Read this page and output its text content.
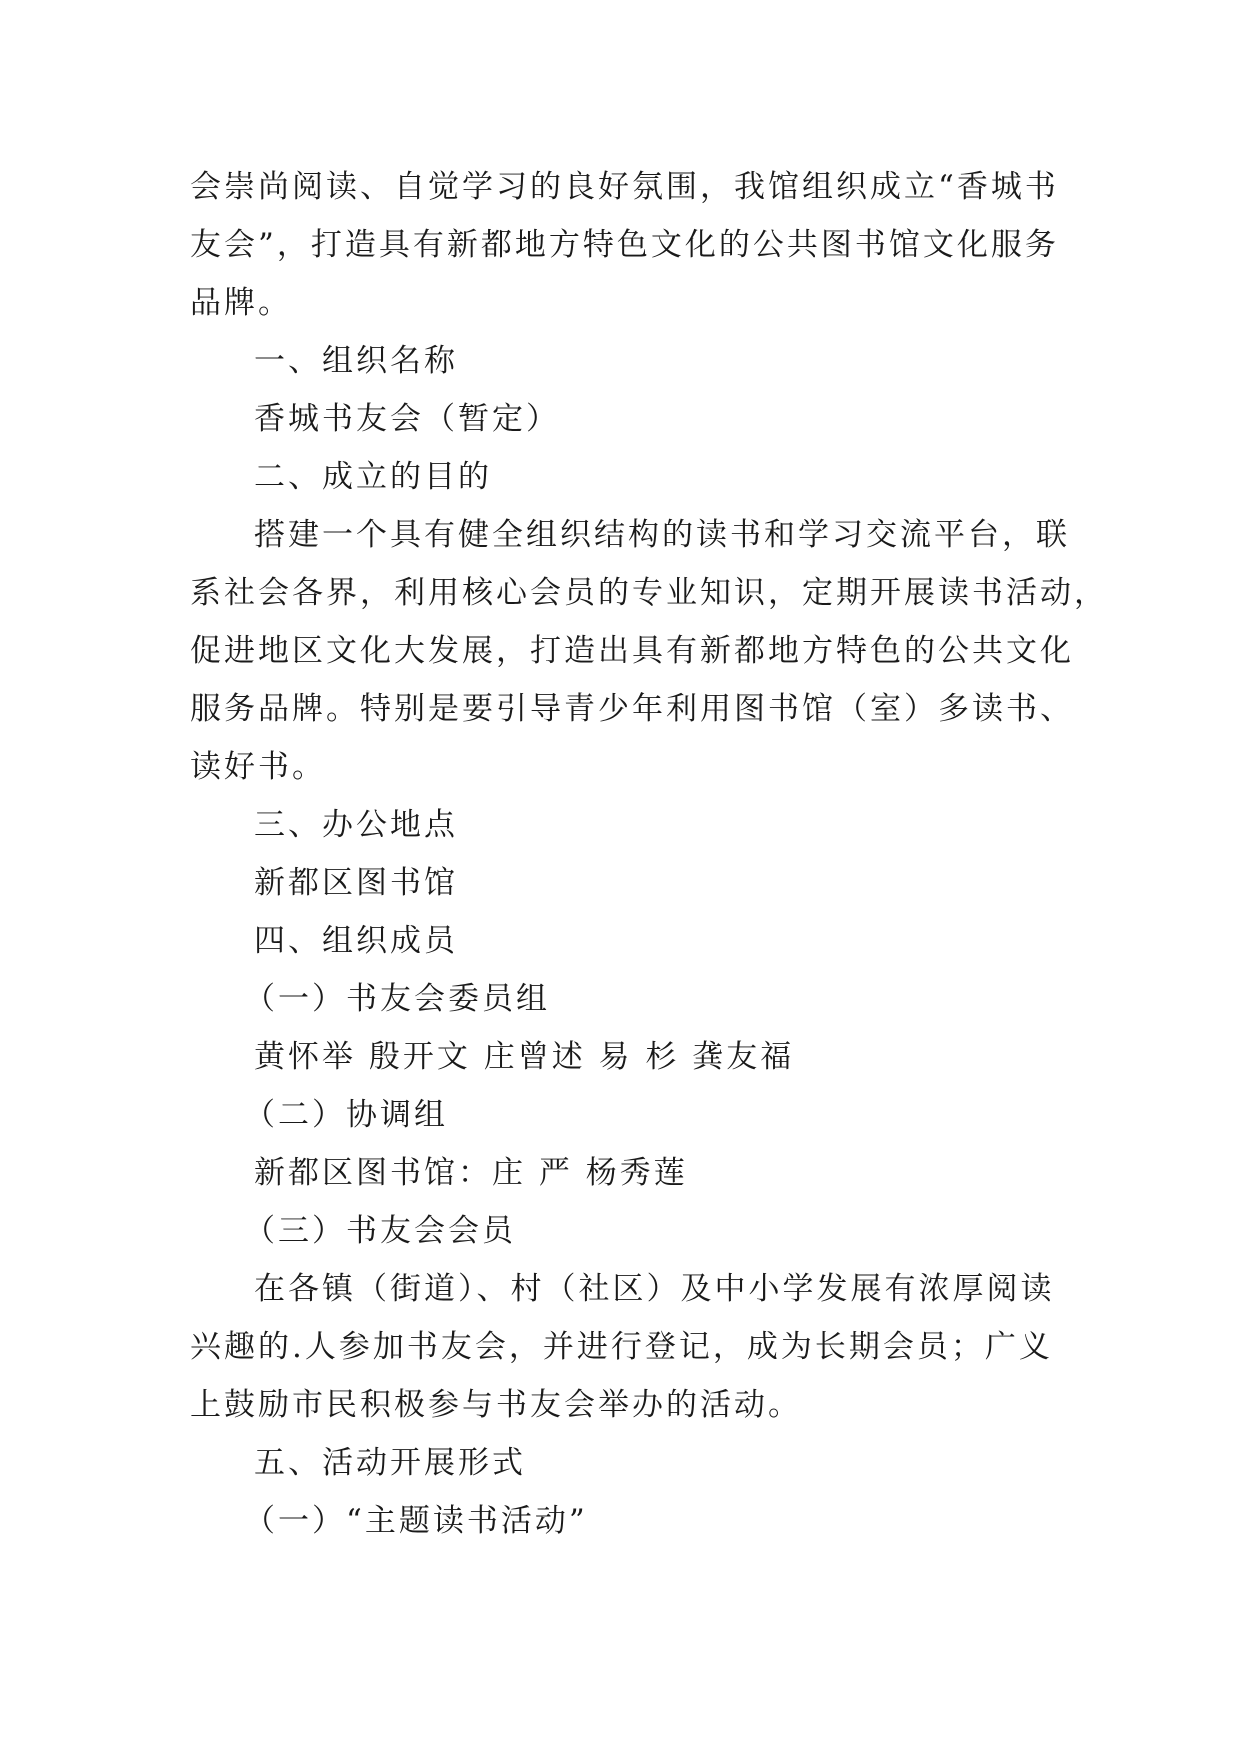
会崇尚阅读、自觉学习的良好氛围，我馆组织成立“香城书
友会”，打造具有新都地方特色文化的公共图书馆文化服务
品牌。
一、组织名称
香城书友会（暂定）
二、成立的目的
搭建一个具有健全组织结构的读书和学习交流平台，联
系社会各界，利用核心会员的专业知识，定期开展读书活动，
促进地区文化大发展，打造出具有新都地方特色的公共文化
服务品牌。特别是要引导青少年利用图书馆（室）多读书、
读好书。
三、办公地点
新都区图书馆
四、组织成员
（一）书友会委员组
黄怀举 殷开文 庄曾述 易 杉 龚友福
（二）协调组
新都区图书馆：庄 严 杨秀莲
（三）书友会会员
在各镇（街道）、村（社区）及中小学发展有浓厚阅读
兴趣的.人参加书友会，并进行登记，成为长期会员；广义
上鼓励市民积极参与书友会举办的活动。
五、活动开展形式
（一）“主题读书活动”
